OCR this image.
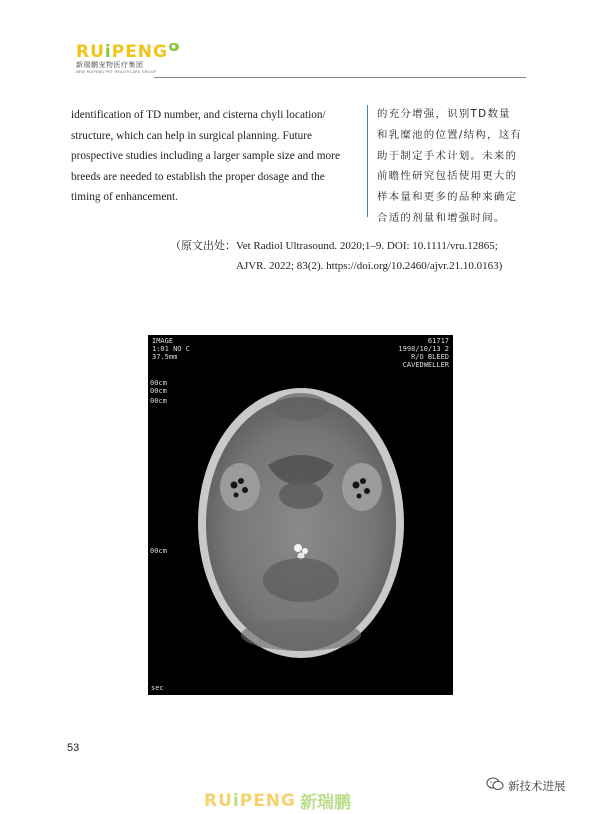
RUiPENG ●
新瑞鹏宠物医疗集团
NEW RUIPENG PET HEALTHCARE GROUP
identification of TD number, and cisterna chyli location/
structure, which can help in surgical planning. Future
prospective studies including a larger sample size and more
breeds are needed to establish the proper dosage and the
timing of enhancement.
的充分增强，识别TD数量
和乳糜池的位置/结构，这有
助于制定手术计划。未来的
前瞻性研究包括使用更大的
样本量和更多的品种来确定
合适的剂量和增强时间。
（原文出处：Vet Radiol Ultrasound. 2020;1–9. DOI: 10.1111/vru.12865;
AJVR. 2022; 83(2). https://doi.org/10.2460/ajvr.21.10.0163)
IMAGE
1:01 NO C
37.5mm
61717
1998/10/13 2
R/O BLEED
CAVEDWELLER
00cm
00cm
00cm
00cm
sec
53
RUiPENG 新瑞鹏
新技术进展
